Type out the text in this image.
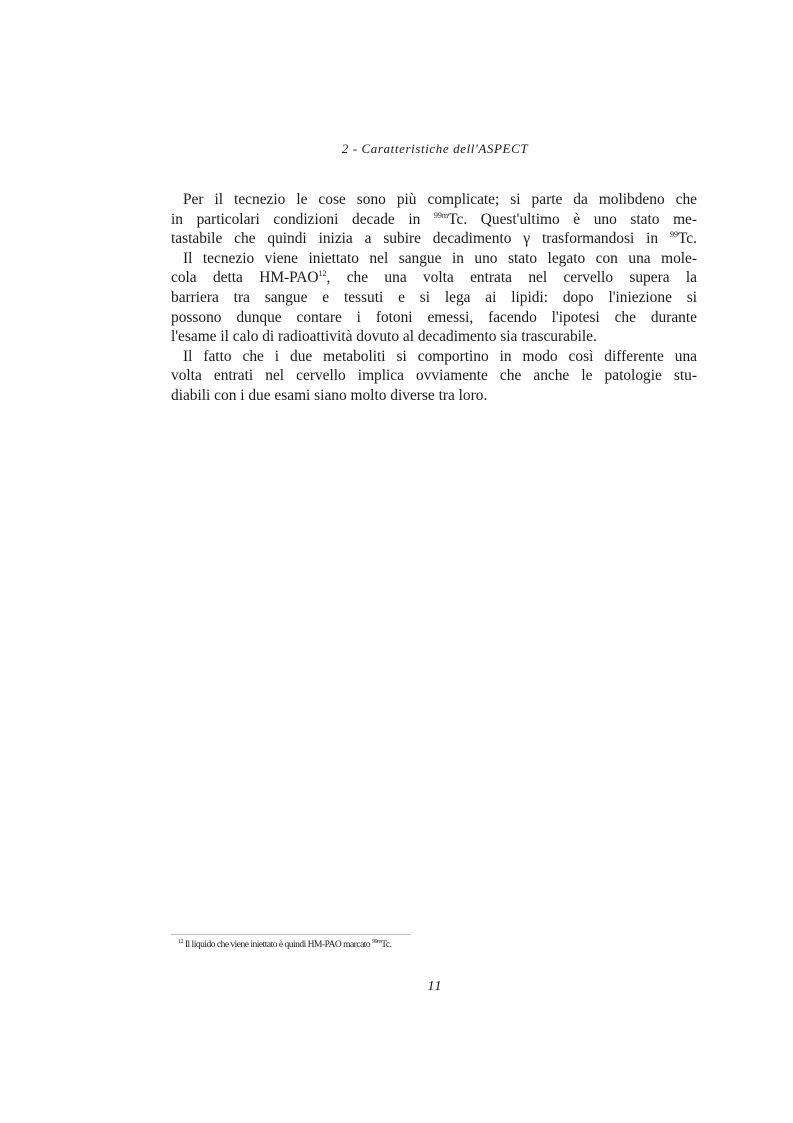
2 - Caratteristiche dell'ASPECT
Per il tecnezio le cose sono più complicate; si parte da molibdeno che
in particolari condizioni decade in $^{99m}$Tc. Quest'ultimo è uno stato me-
tastabile che quindi inizia a subire decadimento γ trasformandosi in $^{99}$Tc.
Il tecnezio viene iniettato nel sangue in uno stato legato con una mole-
cola detta HM-PAO$^{12}$, che una volta entrata nel cervello supera la
barriera tra sangue e tessuti e si lega ai lipidi: dopo l'iniezione si
possono dunque contare i fotoni emessi, facendo l'ipotesi che durante
l'esame il calo di radioattività dovuto al decadimento sia trascurabile.
Il fatto che i due metaboliti si comportino in modo così differente una
volta entrati nel cervello implica ovviamente che anche le patologie stu-
diabili con i due esami siano molto diverse tra loro.
$^{12}$ Il liquido che viene iniettato è quindi HM-PAO marcato $^{99m}$Tc.
11
